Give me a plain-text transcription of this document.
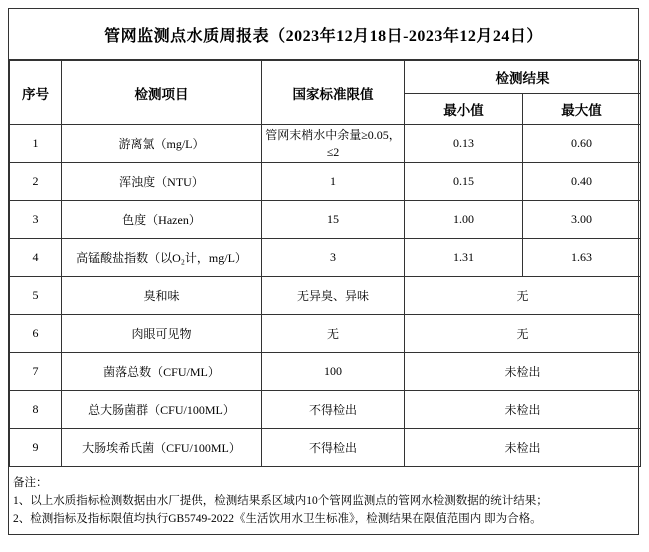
管网监测点水质周报表（2023年12月18日-2023年12月24日）
序号	检测项目	国家标准限值	检测结果	
			最小值	最大值
1	游离氯（mg/L）	管网末梢水中余量≥0.05，≤2	0.13	0.60
2	浑浊度（NTU）	1	0.15	0.40
3	色度（Hazen）	15	1.00	3.00
4	高锰酸盐指数（以O₂计，mg/L）	3	1.31	1.63
5	臭和味	无异臭、异味	无	
6	肉眼可见物	无	无	
7	菌落总数（CFU/ML）	100	未检出	
8	总大肠菌群（CFU/100ML）	不得检出	未检出	
9	大肠埃希氏菌（CFU/100ML）	不得检出	未检出	
备注：
1、以上水质指标检测数据由水厂提供，检测结果系区域内10个管网监测点的管网水检测数据的统计结果；
2、检测指标及指标限值均执行GB5749-2022《生活饮用水卫生标准》，检测结果在限值范围内 即为合格。
